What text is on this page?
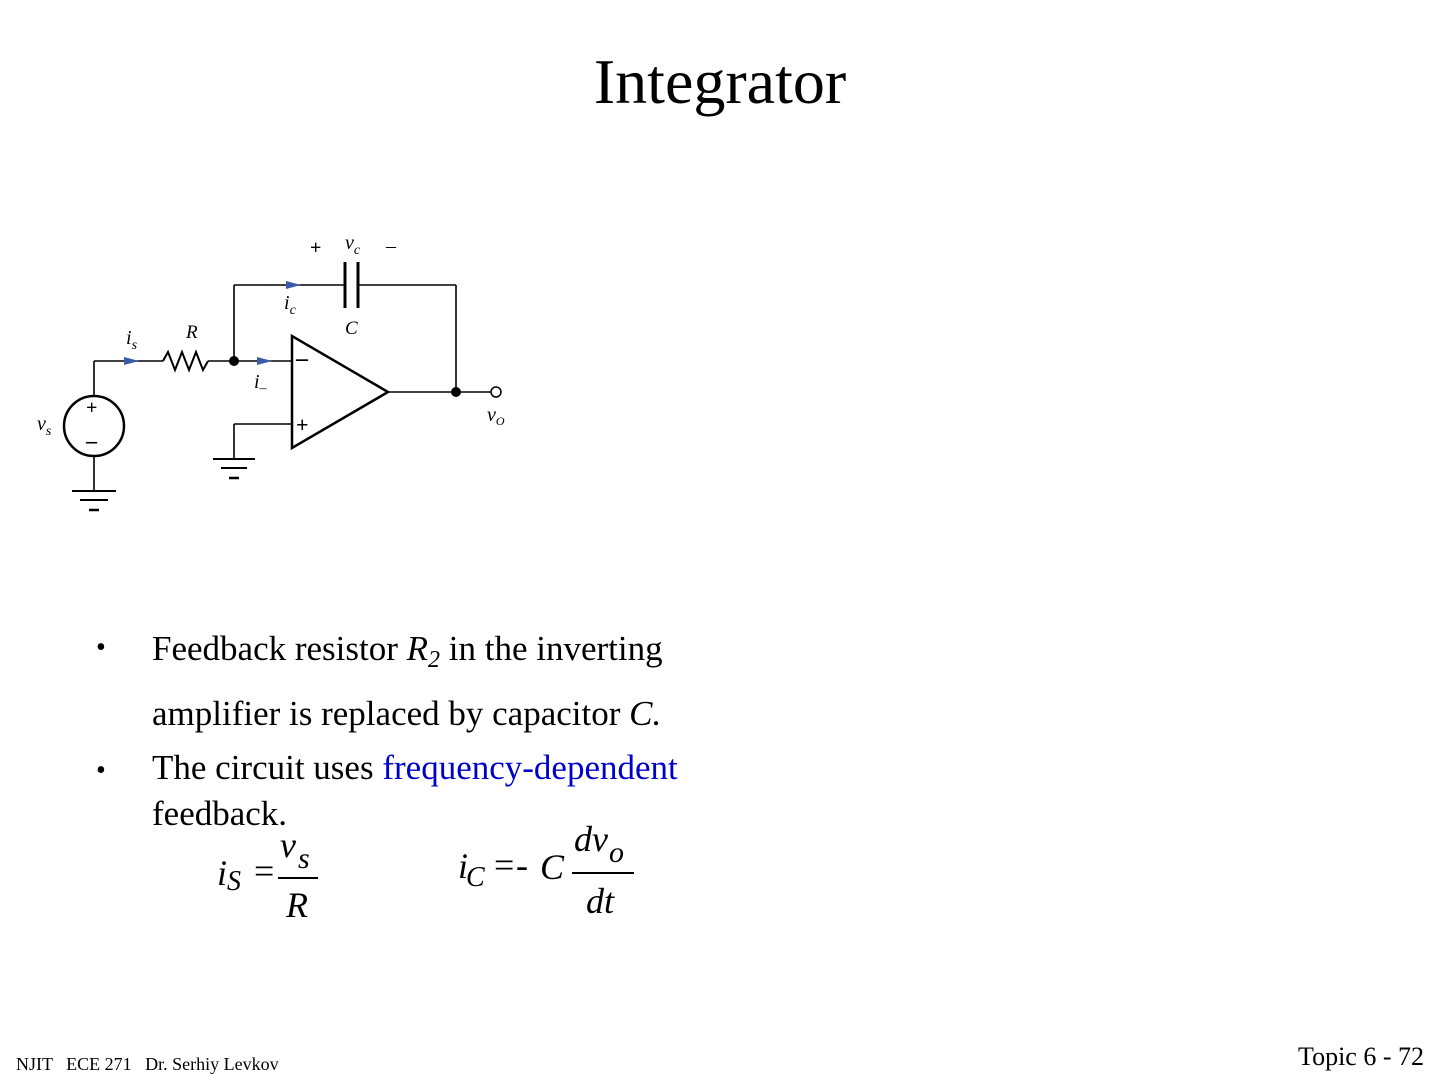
Integrator
+ $v_c$ –
$i_c$
C
$i_s$
R
$i_-$
–
+	$v_O$
$v_s$
+
–
• Feedback resistor $R_2$ in the inverting
amplifier is replaced by capacitor C.
• The circuit uses frequency-dependent
feedback.
i S =
v s
R
i
C = - C
dv o
dt
NJIT   ECE 271   Dr. Serhiy Levkov	Topic 6 - 72
